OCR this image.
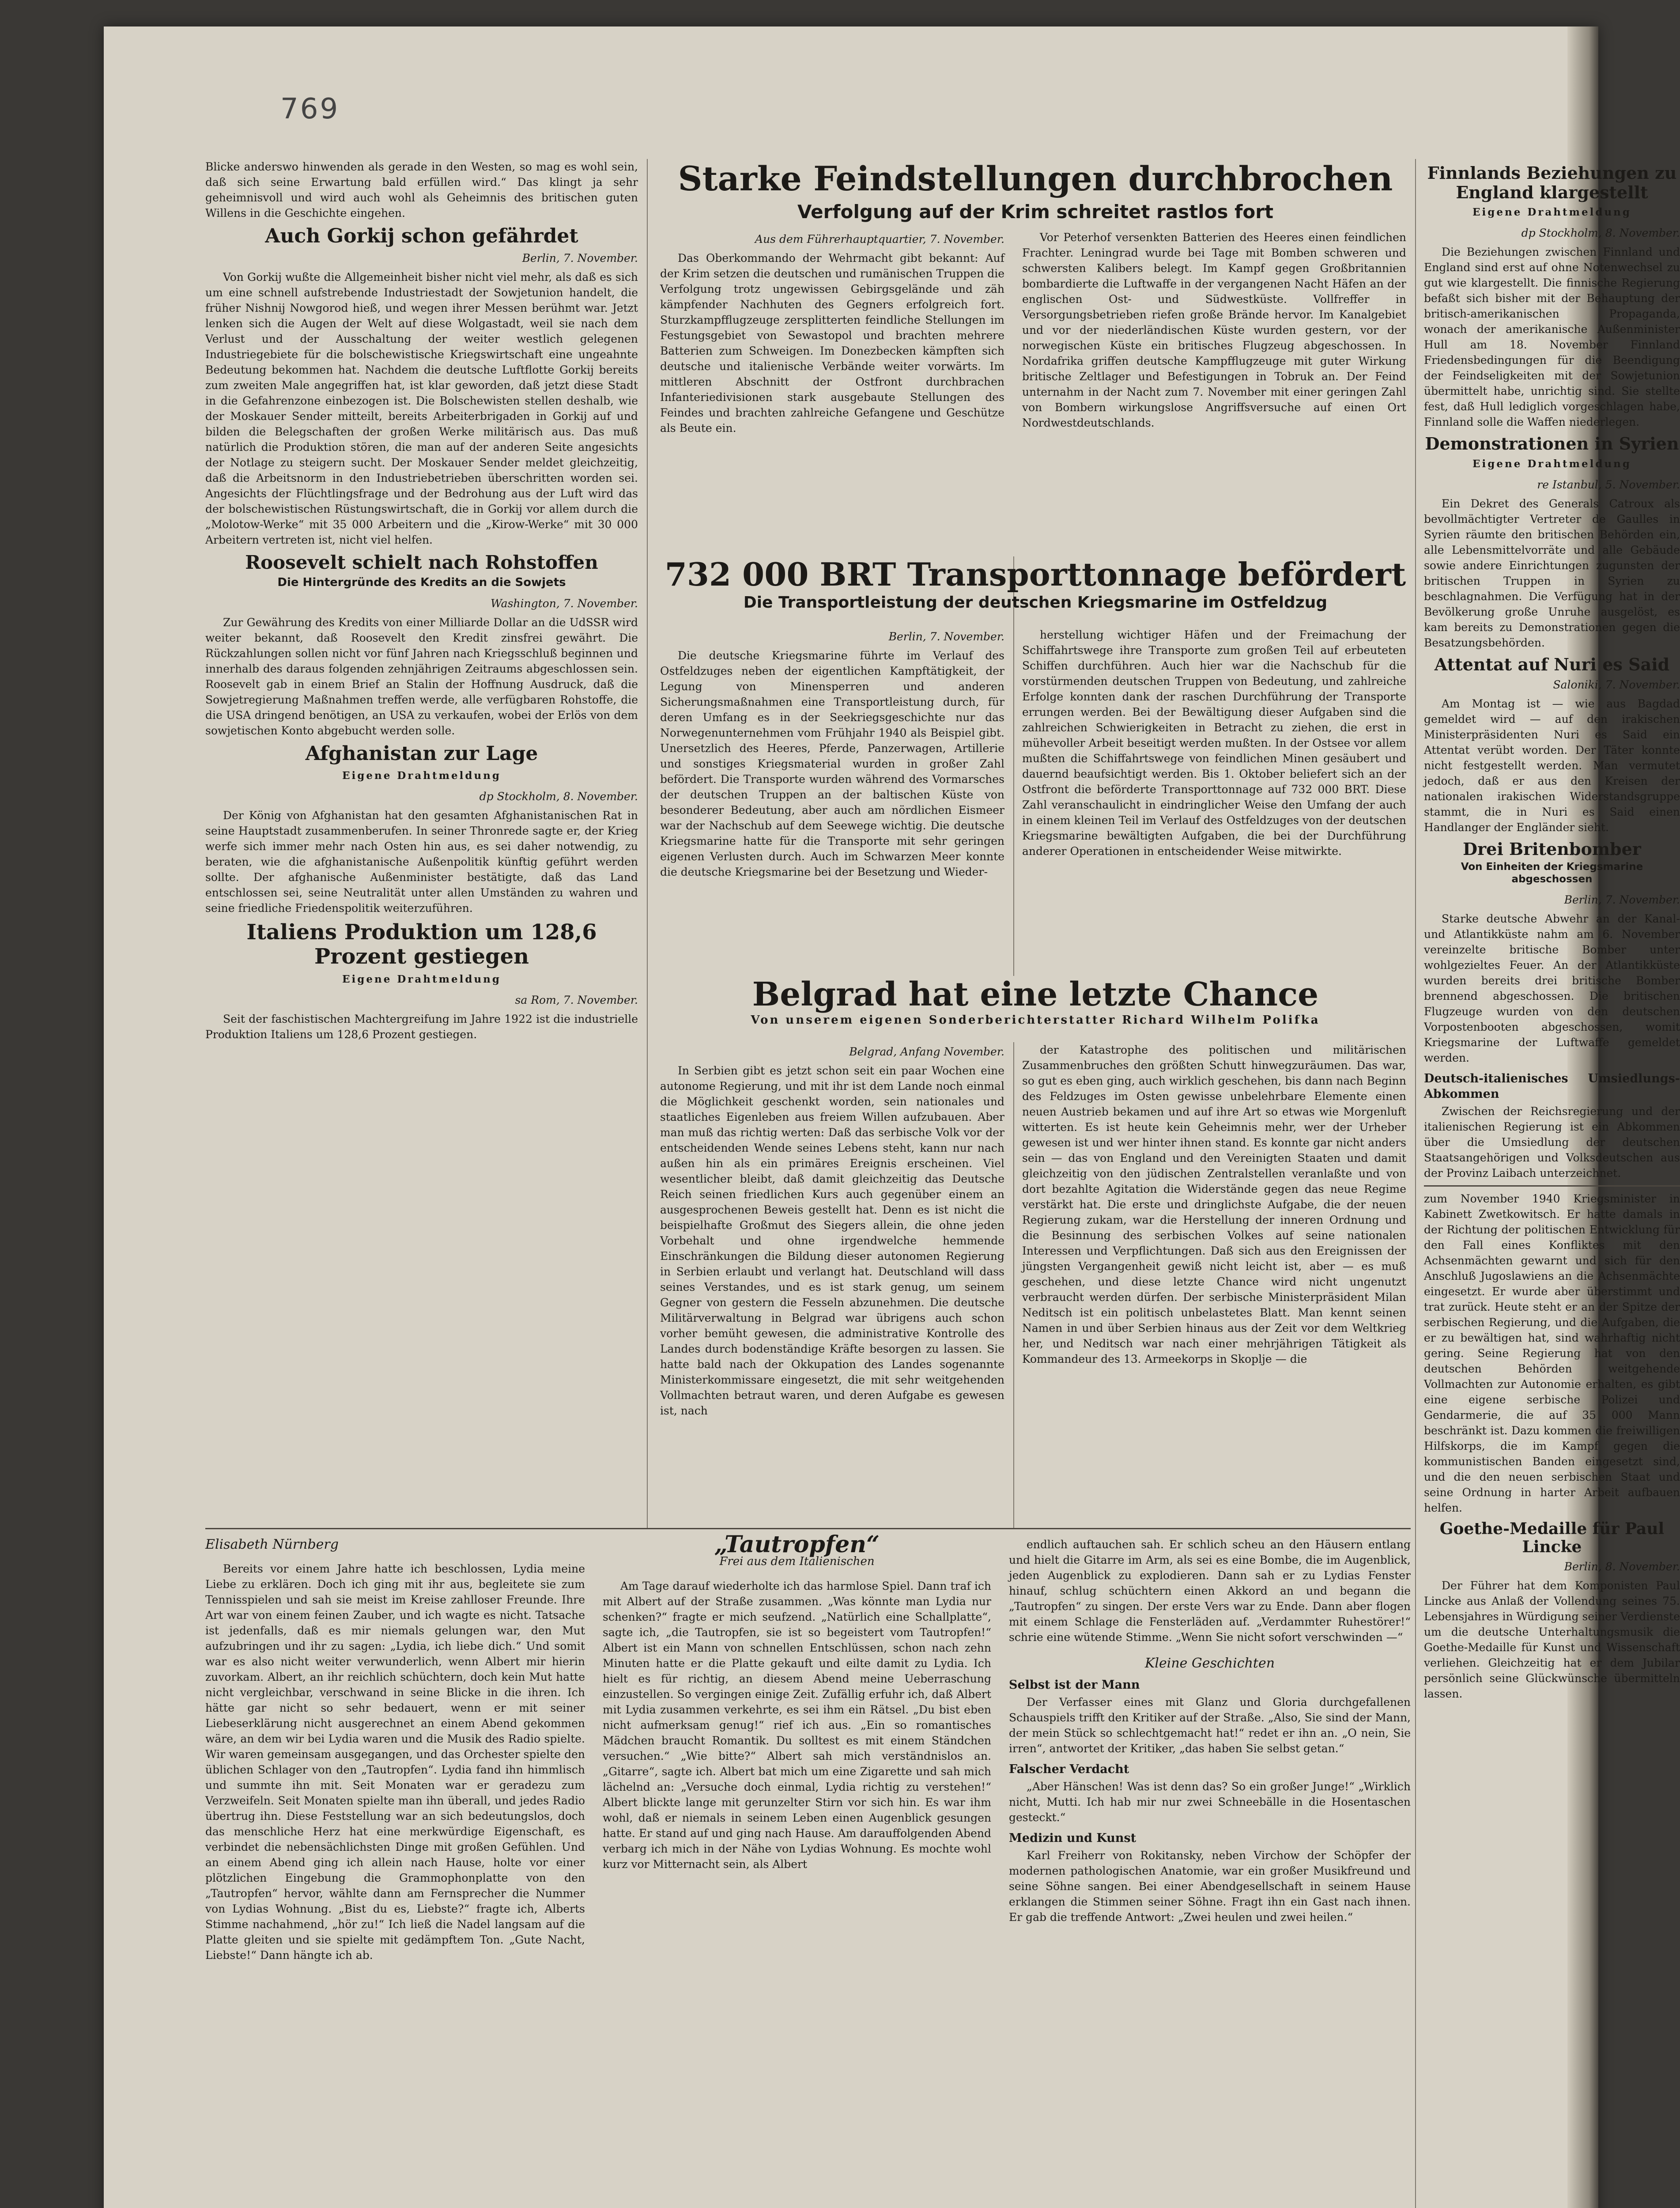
769

Blicke anderswo hinwenden als gerade in den Westen, so mag es wohl sein, daß sich seine Erwartung bald erfüllen wird.“ Das klingt ja sehr geheimnisvoll und wird auch wohl als Geheimnis des britischen guten Willens in die Geschichte eingehen.

Auch Gorkij schon gefährdet
Berlin, 7. November.

Von Gorkij wußte die Allgemeinheit bisher nicht viel mehr, als daß es sich um eine schnell aufstrebende Industriestadt der Sowjetunion handelt, die früher Nishnij Nowgorod hieß, und wegen ihrer Messen berühmt war. Jetzt lenken sich die Augen der Welt auf diese Wolgastadt, weil sie nach dem Verlust und der Ausschaltung der weiter westlich gelegenen Industriegebiete für die bolschewistische Kriegswirtschaft eine ungeahnte Bedeutung bekommen hat. Nachdem die deutsche Luftflotte Gorkij bereits zum zweiten Male angegriffen hat, ist klar geworden, daß jetzt diese Stadt in die Gefahrenzone einbezogen ist. Die Bolschewisten stellen deshalb, wie der Moskauer Sender mitteilt, bereits Arbeiterbrigaden in Gorkij auf und bilden die Belegschaften der großen Werke militärisch aus. Das muß natürlich die Produktion stören, die man auf der anderen Seite angesichts der Notlage zu steigern sucht. Der Moskauer Sender meldet gleichzeitig, daß die Arbeitsnorm in den Industriebetrieben überschritten worden sei. Angesichts der Flüchtlingsfrage und der Bedrohung aus der Luft wird das der bolschewistischen Rüstungswirtschaft, die in Gorkij vor allem durch die „Molotow-Werke“ mit 35 000 Arbeitern und die „Kirow-Werke“ mit 30 000 Arbeitern vertreten ist, nicht viel helfen.

Roosevelt schielt nach Rohstoffen
Die Hintergründe des Kredits an die Sowjets
Washington, 7. November.

Zur Gewährung des Kredits von einer Milliarde Dollar an die UdSSR wird weiter bekannt, daß Roosevelt den Kredit zinsfrei gewährt. Die Rückzahlungen sollen nicht vor fünf Jahren nach Kriegsschluß beginnen und innerhalb des daraus folgenden zehnjährigen Zeitraums abgeschlossen sein. Roosevelt gab in einem Brief an Stalin der Hoffnung Ausdruck, daß die Sowjetregierung Maßnahmen treffen werde, alle verfügbaren Rohstoffe, die die USA dringend benötigen, an USA zu verkaufen, wobei der Erlös von dem sowjetischen Konto abgebucht werden solle.

Afghanistan zur Lage
Eigene Drahtmeldung
dp Stockholm, 8. November.

Der König von Afghanistan hat den gesamten Afghanistanischen Rat in seine Hauptstadt zusammenberufen. In seiner Thronrede sagte er, der Krieg werfe sich immer mehr nach Osten hin aus, es sei daher notwendig, zu beraten, wie die afghanistanische Außenpolitik künftig geführt werden sollte. Der afghanische Außenminister bestätigte, daß das Land entschlossen sei, seine Neutralität unter allen Umständen zu wahren und seine friedliche Friedenspolitik weiterzuführen.

Italiens Produktion um 128,6 Prozent gestiegen
Eigene Drahtmeldung
sa Rom, 7. November.

Seit der faschistischen Machtergreifung im Jahre 1922 ist die industrielle Produktion Italiens um 128,6 Prozent gestiegen.

Starke Feindstellungen durchbrochen
Verfolgung auf der Krim schreitet rastlos fort
Aus dem Führerhauptquartier, 7. November.

Das Oberkommando der Wehrmacht gibt bekannt: Auf der Krim setzen die deutschen und rumänischen Truppen die Verfolgung trotz ungewissen Gebirgsgelände und zäh kämpfender Nachhuten des Gegners erfolgreich fort. Sturzkampfflugzeuge zersplitterten feindliche Stellungen im Festungsgebiet von Sewastopol und brachten mehrere Batterien zum Schweigen. Im Donezbecken kämpften sich deutsche und italienische Verbände weiter vorwärts. Im mittleren Abschnitt der Ostfront durchbrachen Infanteriedivisionen stark ausgebaute Stellungen des Feindes und brachten zahlreiche Gefangene und Geschütze als Beute ein.

Vor Peterhof versenkten Batterien des Heeres einen feindlichen Frachter. Leningrad wurde bei Tage mit Bomben schweren und schwersten Kalibers belegt. Im Kampf gegen Großbritannien bombardierte die Luftwaffe in der vergangenen Nacht Häfen an der englischen Ost- und Südwestküste. Vollfreffer in Versorgungsbetrieben riefen große Brände hervor. Im Kanalgebiet und vor der niederländischen Küste wurden gestern, vor der norwegischen Küste ein britisches Flugzeug abgeschossen. In Nordafrika griffen deutsche Kampfflugzeuge mit guter Wirkung britische Zeltlager und Befestigungen in Tobruk an. Der Feind unternahm in der Nacht zum 7. November mit einer geringen Zahl von Bombern wirkungslose Angriffsversuche auf einen Ort Nordwestdeutschlands.

732 000 BRT Transporttonnage befördert
Die Transportleistung der deutschen Kriegsmarine im Ostfeldzug
Berlin, 7. November.

Die deutsche Kriegsmarine führte im Verlauf des Ostfeldzuges neben der eigentlichen Kampftätigkeit, der Legung von Minensperren und anderen Sicherungsmaßnahmen eine Transportleistung durch, für deren Umfang es in der Seekriegsgeschichte nur das Norwegenunternehmen vom Frühjahr 1940 als Beispiel gibt. Unersetzlich des Heeres, Pferde, Panzerwagen, Artillerie und sonstiges Kriegsmaterial wurden in großer Zahl befördert. Die Transporte wurden während des Vormarsches der deutschen Truppen an der baltischen Küste von besonderer Bedeutung, aber auch am nördlichen Eismeer war der Nachschub auf dem Seewege wichtig. Die deutsche Kriegsmarine hatte für die Transporte mit sehr geringen eigenen Verlusten durch. Auch im Schwarzen Meer konnte die deutsche Kriegsmarine bei der Besetzung und Wieder-

herstellung wichtiger Häfen und der Freimachung der Schiffahrtswege ihre Transporte zum großen Teil auf erbeuteten Schiffen durchführen. Auch hier war die Nachschub für die vorstürmenden deutschen Truppen von Bedeutung, und zahlreiche Erfolge konnten dank der raschen Durchführung der Transporte errungen werden. Bei der Bewältigung dieser Aufgaben sind die zahlreichen Schwierigkeiten in Betracht zu ziehen, die erst in mühevoller Arbeit beseitigt werden mußten. In der Ostsee vor allem mußten die Schiffahrtswege von feindlichen Minen gesäubert und dauernd beaufsichtigt werden. Bis 1. Oktober beliefert sich an der Ostfront die beförderte Transporttonnage auf 732 000 BRT. Diese Zahl veranschaulicht in eindringlicher Weise den Umfang der auch in einem kleinen Teil im Verlauf des Ostfeldzuges von der deutschen Kriegsmarine bewältigten Aufgaben, die bei der Durchführung anderer Operationen in entscheidender Weise mitwirkte.

Belgrad hat eine letzte Chance
Von unserem eigenen Sonderberichterstatter Richard Wilhelm Polifka
Belgrad, Anfang November.

In Serbien gibt es jetzt schon seit ein paar Wochen eine autonome Regierung, und mit ihr ist dem Lande noch einmal die Möglichkeit geschenkt worden, sein nationales und staatliches Eigenleben aus freiem Willen aufzubauen. Aber man muß das richtig werten: Daß das serbische Volk vor der entscheidenden Wende seines Lebens steht, kann nur nach außen hin als ein primäres Ereignis erscheinen. Viel wesentlicher bleibt, daß damit gleichzeitig das Deutsche Reich seinen friedlichen Kurs auch gegenüber einem an ausgesprochenen Beweis gestellt hat. Denn es ist nicht die beispielhafte Großmut des Siegers allein, die ohne jeden Vorbehalt und ohne irgendwelche hemmende Einschränkungen die Bildung dieser autonomen Regierung in Serbien erlaubt und verlangt hat. Deutschland will dass seines Verstandes, und es ist stark genug, um seinem Gegner von gestern die Fesseln abzunehmen. Die deutsche Militärverwaltung in Belgrad war übrigens auch schon vorher bemüht gewesen, die administrative Kontrolle des Landes durch bodenständige Kräfte besorgen zu lassen. Sie hatte bald nach der Okkupation des Landes sogenannte Ministerkommissare eingesetzt, die mit sehr weitgehenden Vollmachten betraut waren, und deren Aufgabe es gewesen ist, nach

der Katastrophe des politischen und militärischen Zusammenbruches den größten Schutt hinwegzuräumen. Das war, so gut es eben ging, auch wirklich geschehen, bis dann nach Beginn des Feldzuges im Osten gewisse unbelehrbare Elemente einen neuen Austrieb bekamen und auf ihre Art so etwas wie Morgenluft witterten. Es ist heute kein Geheimnis mehr, wer der Urheber gewesen ist und wer hinter ihnen stand. Es konnte gar nicht anders sein — das von England und den Vereinigten Staaten und damit gleichzeitig von den jüdischen Zentralstellen veranlaßte und von dort bezahlte Agitation die Widerstände gegen das neue Regime verstärkt hat. Die erste und dringlichste Aufgabe, die der neuen Regierung zukam, war die Herstellung der inneren Ordnung und die Besinnung des serbischen Volkes auf seine nationalen Interessen und Verpflichtungen. Daß sich aus den Ereignissen der jüngsten Vergangenheit gewiß nicht leicht ist, aber — es muß geschehen, und diese letzte Chance wird nicht ungenutzt verbraucht werden dürfen. Der serbische Ministerpräsident Milan Neditsch ist ein politisch unbelastetes Blatt. Man kennt seinen Namen in und über Serbien hinaus aus der Zeit vor dem Weltkrieg her, und Neditsch war nach einer mehrjährigen Tätigkeit als Kommandeur des 13. Armeekorps in Skoplje — die

Finnlands Beziehungen zu England klargestellt
Eigene Drahtmeldung
dp Stockholm, 8. November.

Die Beziehungen zwischen Finnland und England sind erst auf ohne Notenwechsel zu gut wie klargestellt. Die finnische Regierung befaßt sich bisher mit der Behauptung der britisch-amerikanischen Propaganda, wonach der amerikanische Außenminister Hull am 18. November Finnland Friedensbedingungen für die Beendigung der Feindseligkeiten mit der Sowjetunion übermittelt habe, unrichtig sind. Sie stellte fest, daß Hull lediglich vorgeschlagen habe, Finnland solle die Waffen niederlegen.

Demonstrationen in Syrien
Eigene Drahtmeldung
re Istanbul, 5. November.

Ein Dekret des Generals Catroux als bevollmächtigter Vertreter de Gaulles in Syrien räumte den britischen Behörden ein, alle Lebensmittelvorräte und alle Gebäude sowie andere Einrichtungen zugunsten der britischen Truppen in Syrien zu beschlagnahmen. Die Verfügung hat in der Bevölkerung große Unruhe ausgelöst, es kam bereits zu Demonstrationen gegen die Besatzungsbehörden.

Attentat auf Nuri es Said
Saloniki, 7. November.

Am Montag ist — wie aus Bagdad gemeldet wird — auf den irakischen Ministerpräsidenten Nuri es Said ein Attentat verübt worden. Der Täter konnte nicht festgestellt werden. Man vermutet jedoch, daß er aus den Kreisen der nationalen irakischen Widerstandsgruppe stammt, die in Nuri es Said einen Handlanger der Engländer sieht.

Drei Britenbomber
Von Einheiten der Kriegsmarine abgeschossen
Berlin, 7. November.

Starke deutsche Abwehr an der Kanal- und Atlantikküste nahm am 6. November vereinzelte britische Bomber unter wohlgezieltes Feuer. An der Atlantikküste wurden bereits drei britische Bomber brennend abgeschossen. Die britischen Flugzeuge wurden von den deutschen Vorpostenbooten abgeschossen, womit Kriegsmarine der Luftwaffe gemeldet werden.

Deutsch-italienisches Umsiedlungs-Abkommen

Zwischen der Reichsregierung und der italienischen Regierung ist ein Abkommen über die Umsiedlung der deutschen Staatsangehörigen und Volksdeutschen aus der Provinz Laibach unterzeichnet.

zum November 1940 Kriegsminister in Kabinett Zwetkowitsch. Er hatte damals in der Richtung der politischen Entwicklung für den Fall eines Konfliktes mit den Achsenmächten gewarnt und sich für den Anschluß Jugoslawiens an die Achsenmächte eingesetzt. Er wurde aber überstimmt und trat zurück. Heute steht er an der Spitze der serbischen Regierung, und die Aufgaben, die er zu bewältigen hat, sind wahrhaftig nicht gering. Seine Regierung hat von den deutschen Behörden weitgehende Vollmachten zur Autonomie erhalten, es gibt eine eigene serbische Polizei und Gendarmerie, die auf 35 000 Mann beschränkt ist. Dazu kommen die freiwilligen Hilfskorps, die im Kampf gegen die kommunistischen Banden eingesetzt sind, und die den neuen serbischen Staat und seine Ordnung in harter Arbeit aufbauen helfen.

Goethe-Medaille für Paul Lincke
Berlin, 8. November.

Der Führer hat dem Komponisten Paul Lincke aus Anlaß der Vollendung seines 75. Lebensjahres in Würdigung seiner Verdienste um die deutsche Unterhaltungsmusik die Goethe-Medaille für Kunst und Wissenschaft verliehen. Gleichzeitig hat er dem Jubilar persönlich seine Glückwünsche übermitteln lassen.

Elisabeth Nürnberg

Bereits vor einem Jahre hatte ich beschlossen, Lydia meine Liebe zu erklären. Doch ich ging mit ihr aus, begleitete sie zum Tennisspielen und sah sie meist im Kreise zahlloser Freunde. Ihre Art war von einem feinen Zauber, und ich wagte es nicht. Tatsache ist jedenfalls, daß es mir niemals gelungen war, den Mut aufzubringen und ihr zu sagen: „Lydia, ich liebe dich.“ Und somit war es also nicht weiter verwunderlich, wenn Albert mir hierin zuvorkam. Albert, an ihr reichlich schüchtern, doch kein Mut hatte nicht vergleichbar, verschwand in seine Blicke in die ihren. Ich hätte gar nicht so sehr bedauert, wenn er mit seiner Liebeserklärung nicht ausgerechnet an einem Abend gekommen wäre, an dem wir bei Lydia waren und die Musik des Radio spielte. Wir waren gemeinsam ausgegangen, und das Orchester spielte den üblichen Schlager von den „Tautropfen“. Lydia fand ihn himmlisch und summte ihn mit. Seit Monaten war er geradezu zum Verzweifeln. Seit Monaten spielte man ihn überall, und jedes Radio übertrug ihn. Diese Feststellung war an sich bedeutungslos, doch das menschliche Herz hat eine merkwürdige Eigenschaft, es verbindet die nebensächlichsten Dinge mit großen Gefühlen. Und an einem Abend ging ich allein nach Hause, holte vor einer plötzlichen Eingebung die Grammophonplatte von den „Tautropfen“ hervor, wählte dann am Fernsprecher die Nummer von Lydias Wohnung. „Bist du es, Liebste?“ fragte ich, Alberts Stimme nachahmend, „hör zu!“ Ich ließ die Nadel langsam auf die Platte gleiten und sie spielte mit gedämpftem Ton. „Gute Nacht, Liebste!“ Dann hängte ich ab.

„Tautropfen“
Frei aus dem Italienischen

Am Tage darauf wiederholte ich das harmlose Spiel. Dann traf ich mit Albert auf der Straße zusammen. „Was könnte man Lydia nur schenken?“ fragte er mich seufzend. „Natürlich eine Schallplatte“, sagte ich, „die Tautropfen, sie ist so begeistert vom Tautropfen!“ Albert ist ein Mann von schnellen Entschlüssen, schon nach zehn Minuten hatte er die Platte gekauft und eilte damit zu Lydia. Ich hielt es für richtig, an diesem Abend meine Ueberraschung einzustellen. So vergingen einige Zeit. Zufällig erfuhr ich, daß Albert mit Lydia zusammen verkehrte, es sei ihm ein Rätsel. „Du bist eben nicht aufmerksam genug!“ rief ich aus. „Ein so romantisches Mädchen braucht Romantik. Du solltest es mit einem Ständchen versuchen.“ „Wie bitte?“ Albert sah mich verständnislos an. „Gitarre“, sagte ich. Albert bat mich um eine Zigarette und sah mich lächelnd an: „Versuche doch einmal, Lydia richtig zu verstehen!“ Albert blickte lange mit gerunzelter Stirn vor sich hin. Es war ihm wohl, daß er niemals in seinem Leben einen Augenblick gesungen hatte. Er stand auf und ging nach Hause. Am darauffolgenden Abend verbarg ich mich in der Nähe von Lydias Wohnung. Es mochte wohl kurz vor Mitternacht sein, als Albert

endlich auftauchen sah. Er schlich scheu an den Häusern entlang und hielt die Gitarre im Arm, als sei es eine Bombe, die im Augenblick, jeden Augenblick zu explodieren. Dann sah er zu Lydias Fenster hinauf, schlug schüchtern einen Akkord an und begann die „Tautropfen“ zu singen. Der erste Vers war zu Ende. Dann aber flogen mit einem Schlage die Fensterläden auf. „Verdammter Ruhestörer!“ schrie eine wütende Stimme. „Wenn Sie nicht sofort verschwinden —“

Kleine Geschichten
Selbst ist der Mann

Der Verfasser eines mit Glanz und Gloria durchgefallenen Schauspiels trifft den Kritiker auf der Straße. „Also, Sie sind der Mann, der mein Stück so schlechtgemacht hat!“ redet er ihn an. „O nein, Sie irren“, antwortet der Kritiker, „das haben Sie selbst getan.“

Falscher Verdacht

„Aber Hänschen! Was ist denn das? So ein großer Junge!“ „Wirklich nicht, Mutti. Ich hab mir nur zwei Schneebälle in die Hosentaschen gesteckt.“

Medizin und Kunst

Karl Freiherr von Rokitansky, neben Virchow der Schöpfer der modernen pathologischen Anatomie, war ein großer Musikfreund und seine Söhne sangen. Bei einer Abendgesellschaft in seinem Hause erklangen die Stimmen seiner Söhne. Fragt ihn ein Gast nach ihnen. Er gab die treffende Antwort: „Zwei heulen und zwei heilen.“
